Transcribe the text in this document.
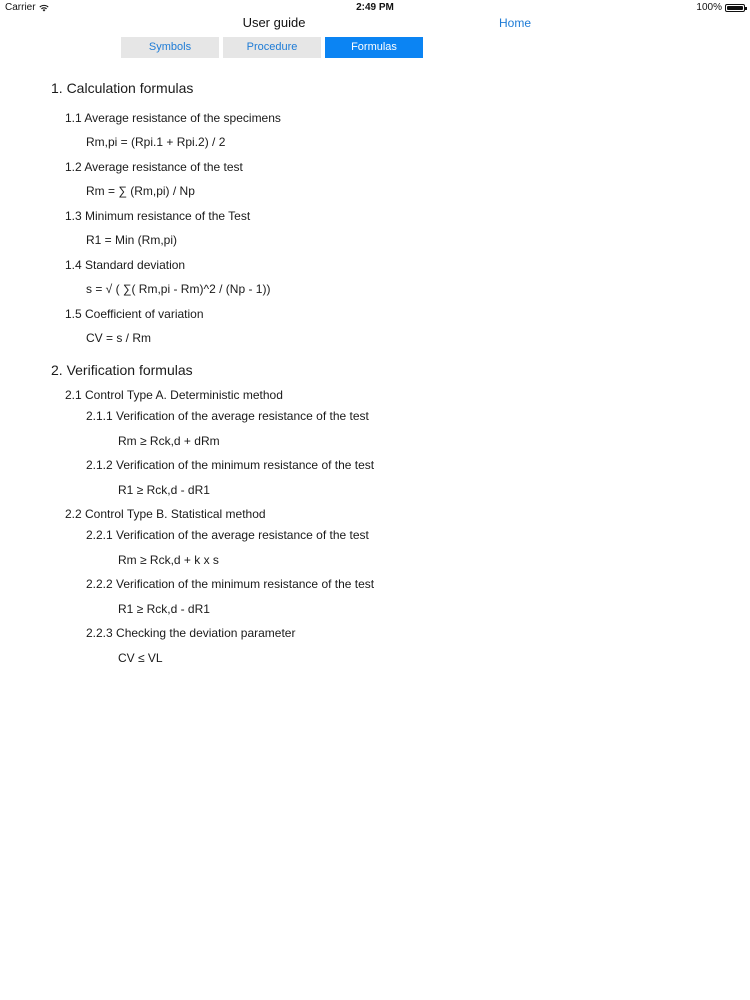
Carrier	2:49 PM	100%
User guide	Home
Symbols	Procedure	Formulas
1. Calculation formulas
1.1 Average resistance of the specimens
Rm,pi = (Rpi.1 + Rpi.2) / 2
1.2 Average resistance of the test
Rm = ∑ (Rm,pi) / Np
1.3 Minimum resistance of the Test
R1 = Min (Rm,pi)
1.4 Standard deviation
s = √ ( ∑( Rm,pi - Rm)^2 / (Np - 1))
1.5 Coefficient of variation
CV = s / Rm
2. Verification formulas
2.1 Control Type A. Deterministic method
2.1.1 Verification of the average resistance of the test
Rm ≥ Rck,d + dRm
2.1.2 Verification of the minimum resistance of the test
R1 ≥ Rck,d - dR1
2.2 Control Type B. Statistical method
2.2.1 Verification of the average resistance of the test
Rm ≥ Rck,d + k x s
2.2.2 Verification of the minimum resistance of the test
R1 ≥ Rck,d - dR1
2.2.3 Checking the deviation parameter
CV ≤ VL
